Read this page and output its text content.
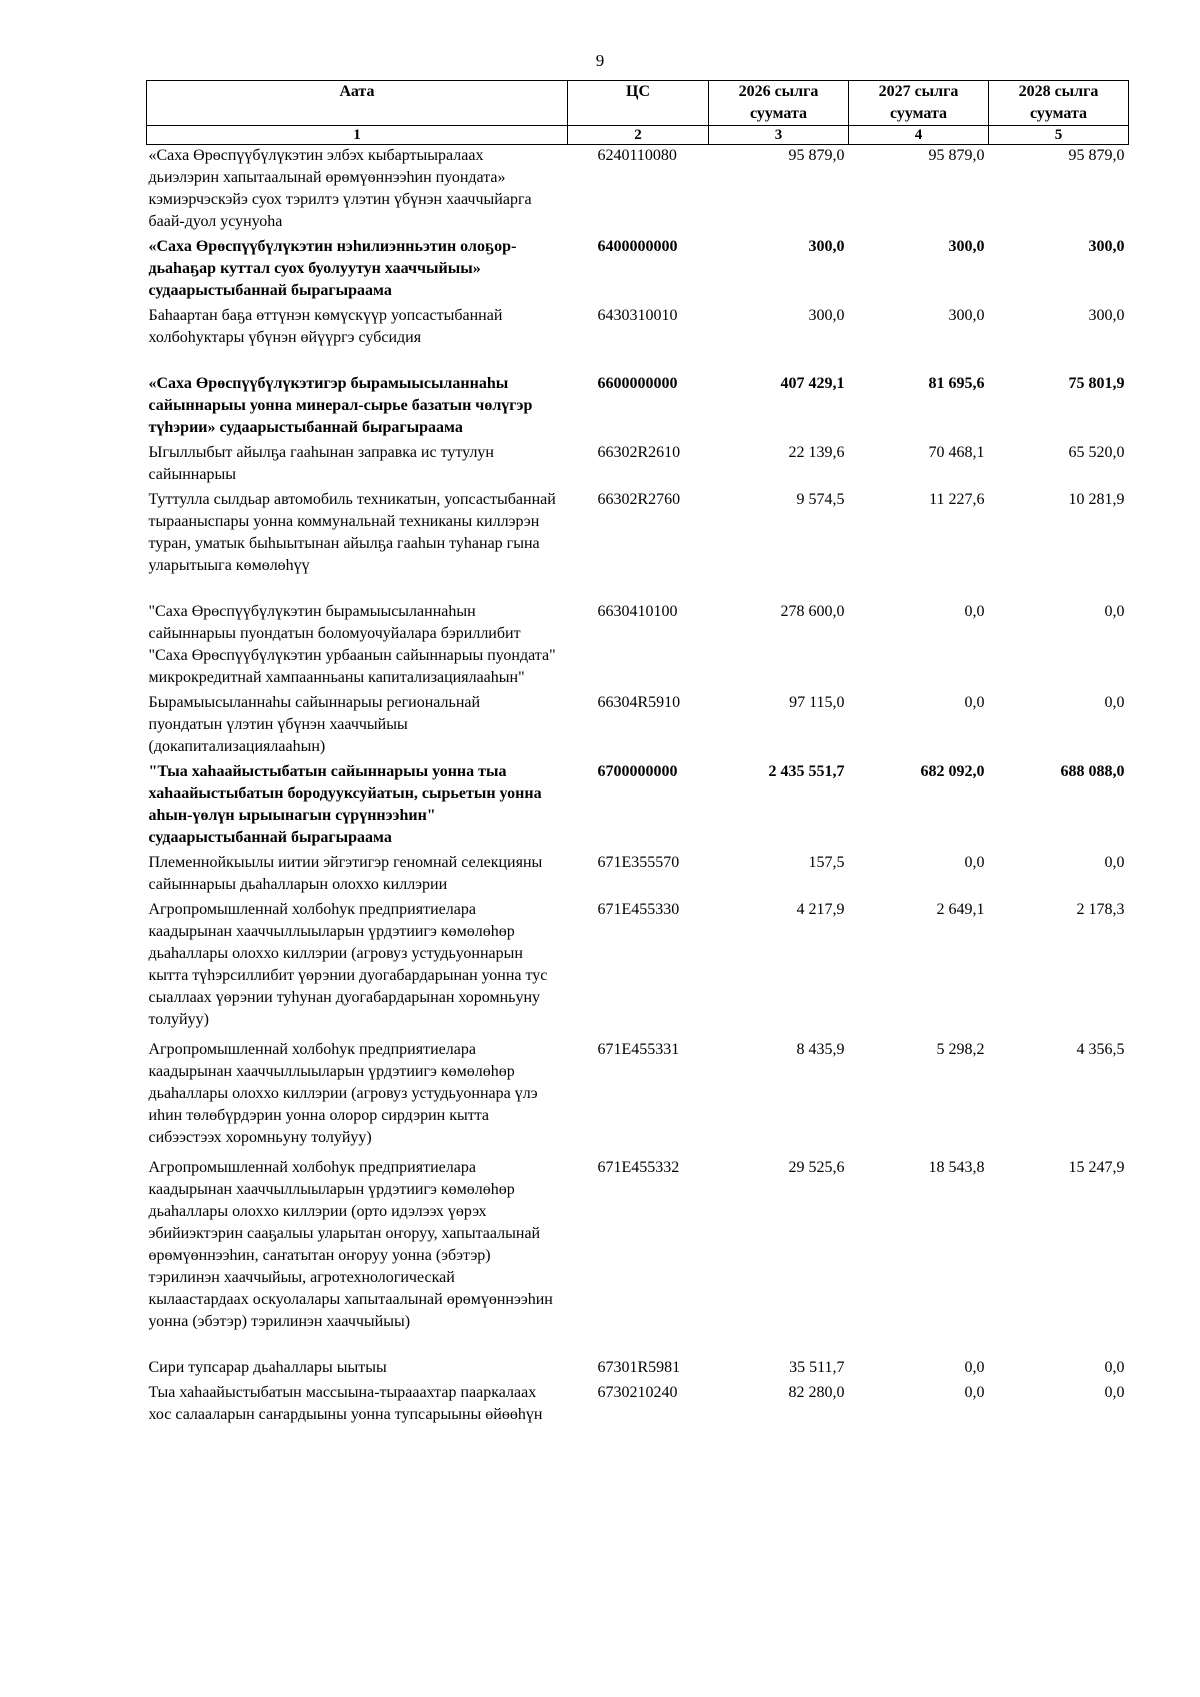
9
Аата	ЦС	2026 сылга суумата	2027 сылга суумата	2028 сылга суумата
1	2	3	4	5
«Саха Өрөспүүбүлүкэтин элбэх кыбартыыралаах дьиэлэрин хапытаалынай өрөмүөннээһин пуондата» кэмиэрчэскэйэ суох тэрилтэ үлэтин үбүнэн хааччыйарга баай-дуол усунуоһа	6240110080	95 879,0	95 879,0	95 879,0
«Саха Өрөспүүбүлүкэтин нэһилиэнньэтин олоҕор-дьаһаҕар куттал суох буолуутун хааччыйыы» судаарыстыбаннай бырагыраама	6400000000	300,0	300,0	300,0
Баһаартан баҕа өттүнэн көмүскүүр уопсастыбаннай холбоһуктары үбүнэн өйүүргэ субсидия	6430310010	300,0	300,0	300,0
«Саха Өрөспүүбүлүкэтигэр бырамыысыланнаһы сайыннарыы уонна минерал-сырье базатын чөлүгэр түһэрии» судаарыстыбаннай бырагыраама	6600000000	407 429,1	81 695,6	75 801,9
Ыгыллыбыт айылҕа гааһынан заправка ис тутулун сайыннарыы	66302R2610	22 139,6	70 468,1	65 520,0
Туттулла сылдьар автомобиль техникатын, уопсастыбаннай тырааныспары уонна коммунальнай техниканы киллэрэн туран, уматык быһыытынан айылҕа гааһын туһанар гына уларытыыга көмөлөһүү	66302R2760	9 574,5	11 227,6	10 281,9
"Саха Өрөспүүбүлүкэтин бырамыысыланнаһын сайыннарыы пуондатын боломуочуйалара бэриллибит "Саха Өрөспүүбүлүкэтин урбаанын сайыннарыы пуондата" микрокредитнай хампаанньаны капитализациялааһын"	6630410100	278 600,0	0,0	0,0
Бырамыысыланнаһы сайыннарыы региональнай пуондатын үлэтин үбүнэн хааччыйыы (докапитализациялааһын)	66304R5910	97 115,0	0,0	0,0
"Тыа хаһаайыстыбатын сайыннарыы уонна тыа хаһаайыстыбатын бородууксуйатын, сырьетын уонна аһын-үөлүн ырыынагын сүрүннээһин" судаарыстыбаннай бырагыраама	6700000000	2 435 551,7	682 092,0	688 088,0
Племеннойкыылы иитии эйгэтигэр геномнай селекцияны сайыннарыы дьаһалларын олоххо киллэрии	671E355570	157,5	0,0	0,0
Агропромышленнай холбоһук предприятиелара каадырынан хааччыллыыларын үрдэтиигэ көмөлөһөр дьаһаллары олоххо киллэрии (агровуз устудьуоннарын кытта түһэрсиллибит үөрэнии дуогабардарынан уонна тус сыаллаах үөрэнии туһунан дуогабардарынан хоромньуну толуйуу)	671E455330	4 217,9	2 649,1	2 178,3
Агропромышленнай холбоһук предприятиелара каадырынан хааччыллыыларын үрдэтиигэ көмөлөһөр дьаһаллары олоххо киллэрии (агровуз устудьуоннара үлэ иһин төлөбүрдэрин уонна олорор сирдэрин кытта сибээстээх хоромньуну толуйуу)	671E455331	8 435,9	5 298,2	4 356,5
Агропромышленнай холбоһук предприятиелара каадырынан хааччыллыыларын үрдэтиигэ көмөлөһөр дьаһаллары олоххо киллэрии (орто идэлээх үөрэх эбийиэктэрин сааҕалыы уларытан оҥоруу, хапытаалынай өрөмүөннээһин, саҥатытан оҥоруу уонна (эбэтэр) тэрилинэн хааччыйыы, агротехнологическай кылаастардаах оскуолалары хапытаалынай өрөмүөннээһин уонна (эбэтэр) тэрилинэн хааччыйыы)	671E455332	29 525,6	18 543,8	15 247,9
Сири тупсарар дьаһаллары ыытыы	67301R5981	35 511,7	0,0	0,0
Тыа хаһаайыстыбатын массыына-тырааахтар пааркалаах хос салааларын саҥардыыны уонна тупсарыыны өйөөһүн	6730210240	82 280,0	0,0	0,0
